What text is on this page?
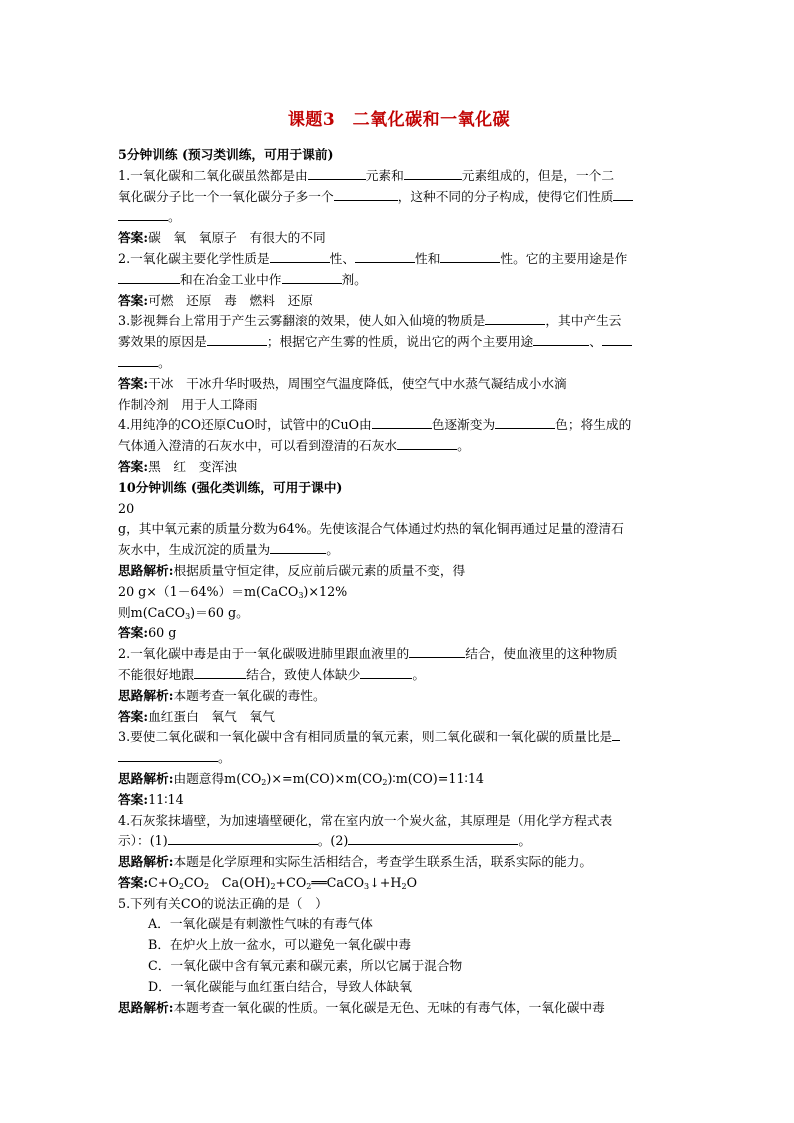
课题3　二氧化碳和一氧化碳
5分钟训练 (预习类训练，可用于课前)
1.一氧化碳和二氧化碳虽然都是由	元素和	元素组成的，但是，一个二
氧化碳分子比一个一氧化碳分子多一个	，这种不同的分子构成，使得它们性质
。
答案:碳　氧　氧原子　有很大的不同
2.一氧化碳主要化学性质是	性、	性和	性。它的主要用途是作
和在冶金工业中作	剂。
答案:可燃　还原　毒　燃料　还原
3.影视舞台上常用于产生云雾翻滚的效果，使人如入仙境的物质是	，其中产生云
雾效果的原因是	；根据它产生雾的性质，说出它的两个主要用途	、
。
答案:干冰　干冰升华时吸热，周围空气温度降低，使空气中水蒸气凝结成小水滴
作制冷剂　用于人工降雨
4.用纯净的CO还原CuO时，试管中的CuO由	色逐渐变为	色；将生成的
气体通入澄清的石灰水中，可以看到澄清的石灰水	。
答案:黑　红　变浑浊
10分钟训练 (强化类训练，可用于课中)
20
g，其中氧元素的质量分数为64%。先使该混合气体通过灼热的氧化铜再通过足量的澄清石
灰水中，生成沉淀的质量为	。
思路解析:根据质量守恒定律，反应前后碳元素的质量不变，得
20 g×（1－64%）＝m(CaCO$_3$)×12%
则m(CaCO$_3$)＝60 g。
答案:60 g
2.一氧化碳中毒是由于一氧化碳吸进肺里跟血液里的	结合，使血液里的这种物质
不能很好地跟	结合，致使人体缺少	。
思路解析:本题考查一氧化碳的毒性。
答案:血红蛋白　氧气　氧气
3.要使二氧化碳和一氧化碳中含有相同质量的氧元素，则二氧化碳和一氧化碳的质量比是
。
思路解析:由题意得$m(CO_2)\times=m(CO)\times m(CO_2)∶m(CO)=11∶14$
答案:11∶14
4.石灰浆抹墙壁，为加速墙壁硬化，常在室内放一个炭火盆，其原理是（用化学方程式表
示）：(1)	。(2)	。
思路解析:本题是化学原理和实际生活相结合，考查学生联系生活，联系实际的能力。
答案$:C+O_2CO_2$　$Ca(OH)_2+CO_2══CaCO_3↓+H_2O$
5.下列有关CO的说法正确的是（　）
A．一氧化碳是有刺激性气味的有毒气体
B．在炉火上放一盆水，可以避免一氧化碳中毒
C．一氧化碳中含有氧元素和碳元素，所以它属于混合物
D．一氧化碳能与血红蛋白结合，导致人体缺氧
思路解析:本题考查一氧化碳的性质。一氧化碳是无色、无味的有毒气体，一氧化碳中毒
